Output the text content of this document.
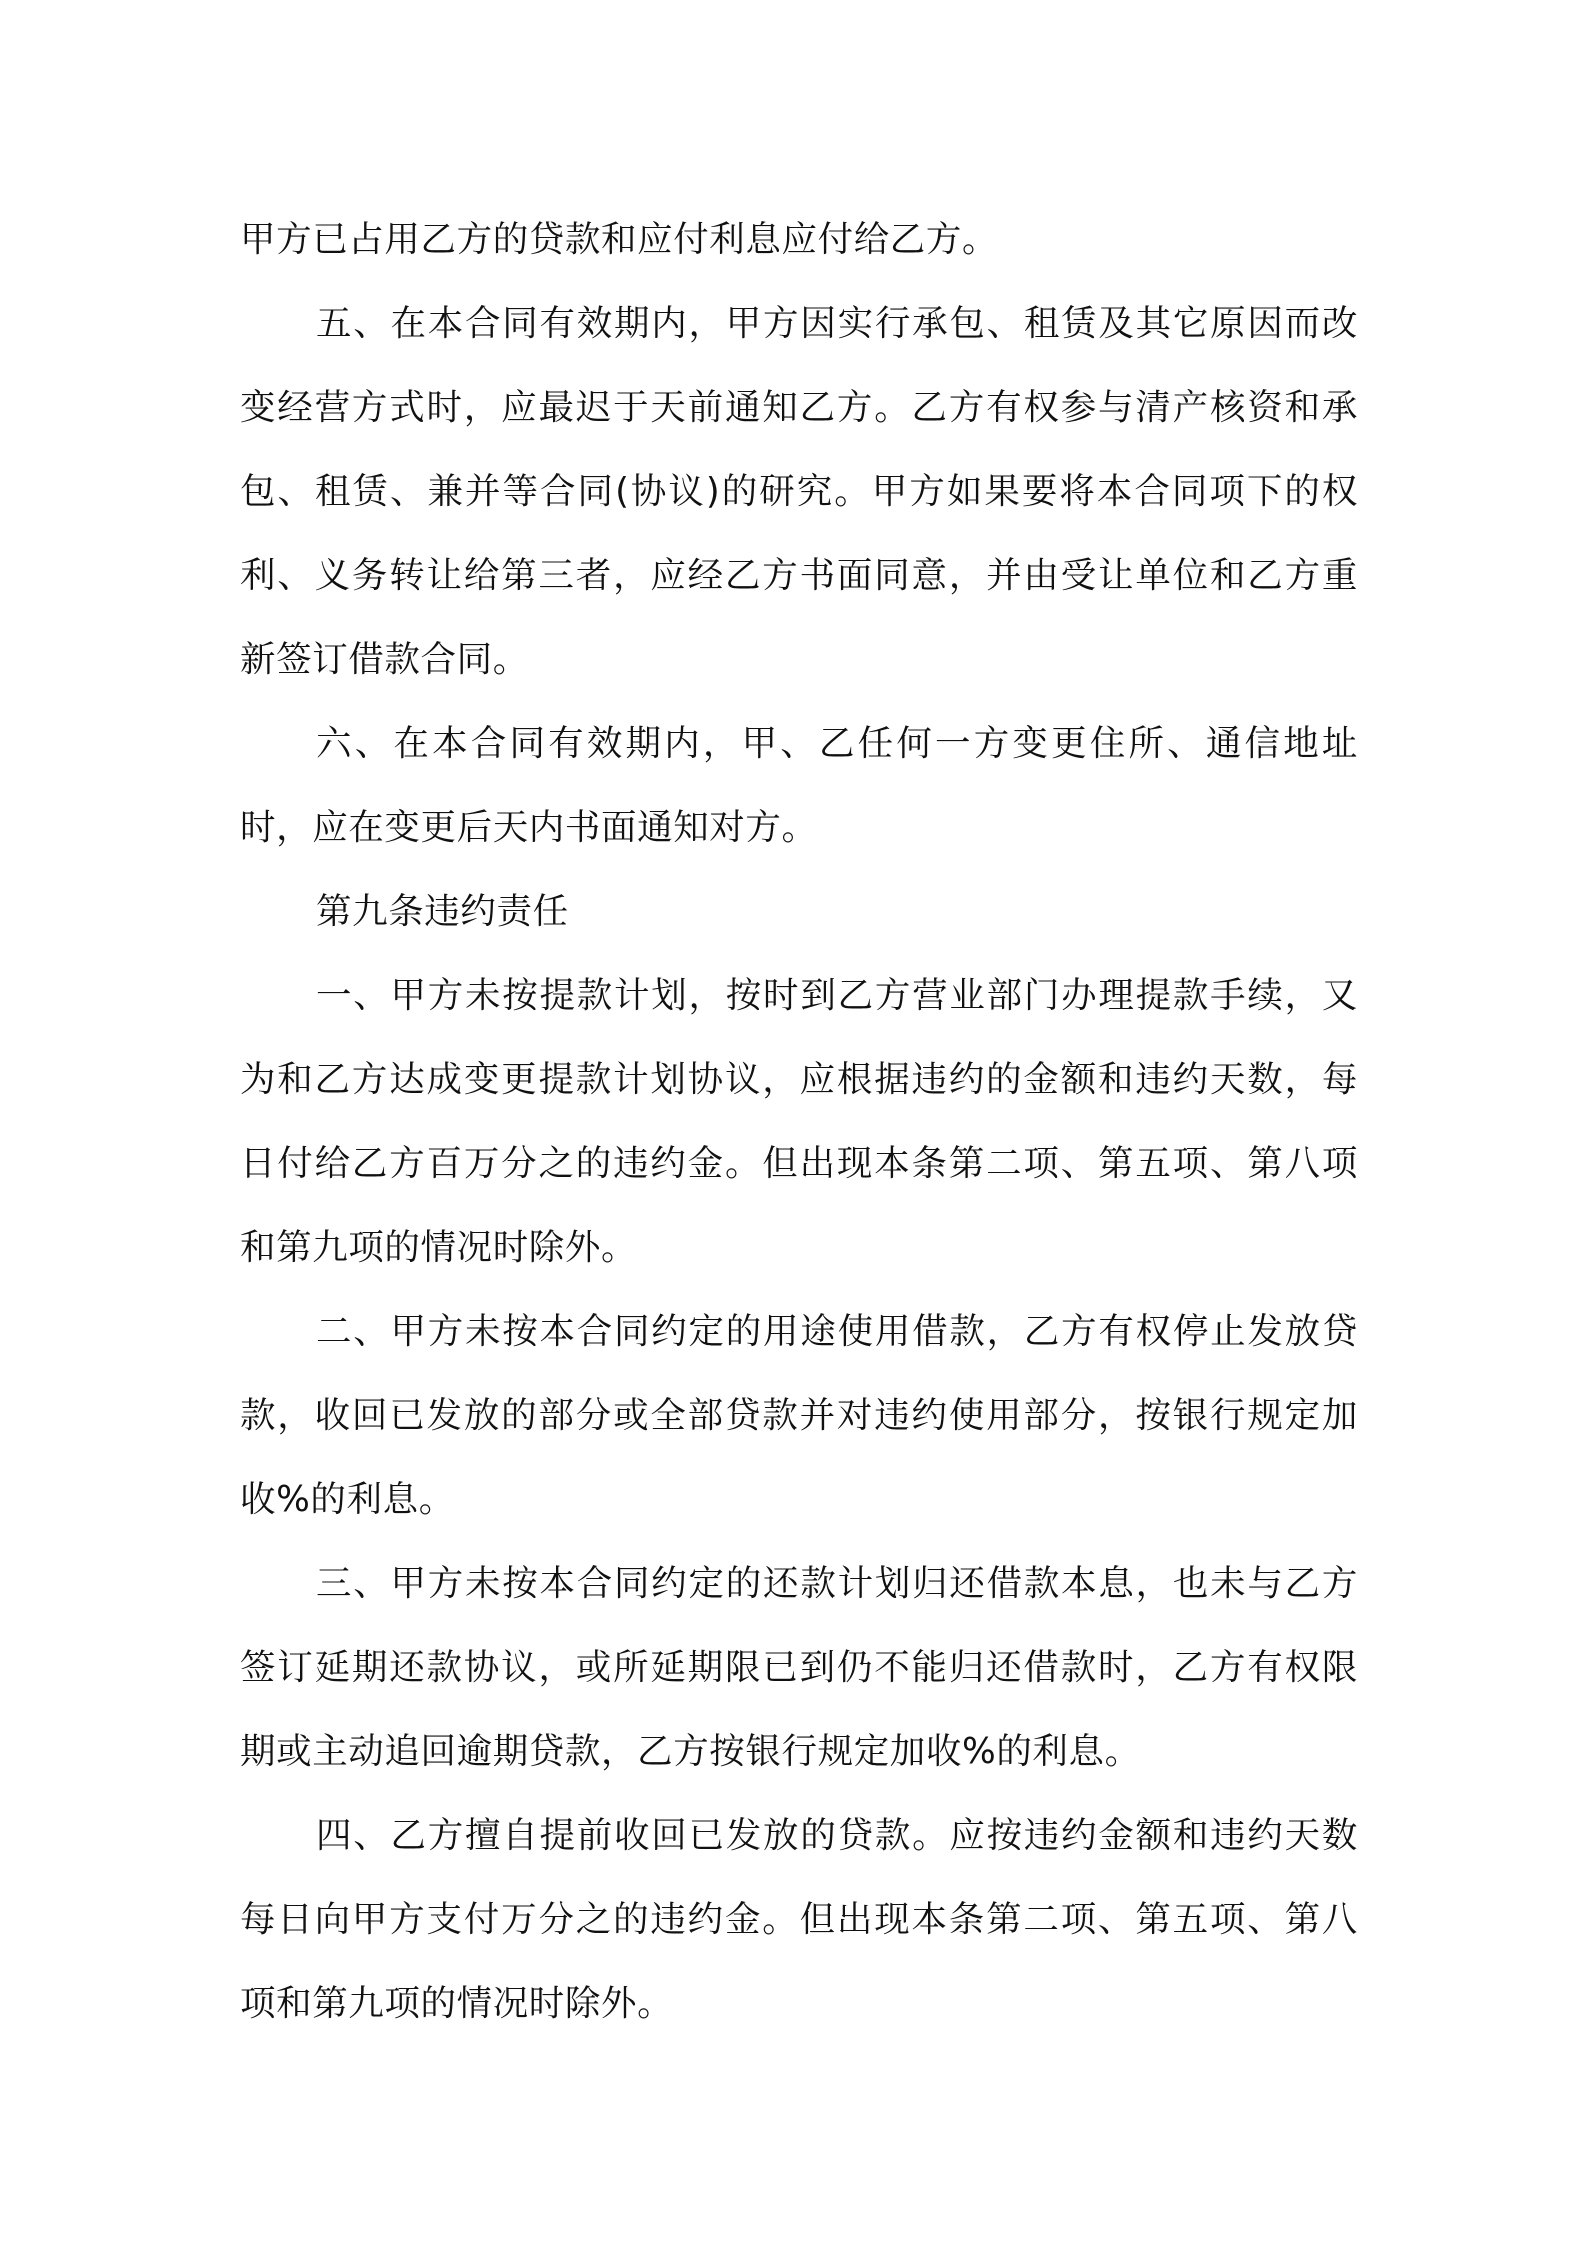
甲方已占用乙方的贷款和应付利息应付给乙方。

五、在本合同有效期内，甲方因实行承包、租赁及其它原因而改变经营方式时，应最迟于天前通知乙方。乙方有权参与清产核资和承包、租赁、兼并等合同(协议)的研究。甲方如果要将本合同项下的权利、义务转让给第三者，应经乙方书面同意，并由受让单位和乙方重新签订借款合同。

六、在本合同有效期内，甲、乙任何一方变更住所、通信地址时，应在变更后天内书面通知对方。

第九条违约责任

一、甲方未按提款计划，按时到乙方营业部门办理提款手续，又为和乙方达成变更提款计划协议，应根据违约的金额和违约天数，每日付给乙方百万分之的违约金。但出现本条第二项、第五项、第八项和第九项的情况时除外。

二、甲方未按本合同约定的用途使用借款，乙方有权停止发放贷款，收回已发放的部分或全部贷款并对违约使用部分，按银行规定加收%的利息。

三、甲方未按本合同约定的还款计划归还借款本息，也未与乙方签订延期还款协议，或所延期限已到仍不能归还借款时，乙方有权限期或主动追回逾期贷款，乙方按银行规定加收%的利息。

四、乙方擅自提前收回已发放的贷款。应按违约金额和违约天数每日向甲方支付万分之的违约金。但出现本条第二项、第五项、第八项和第九项的情况时除外。
